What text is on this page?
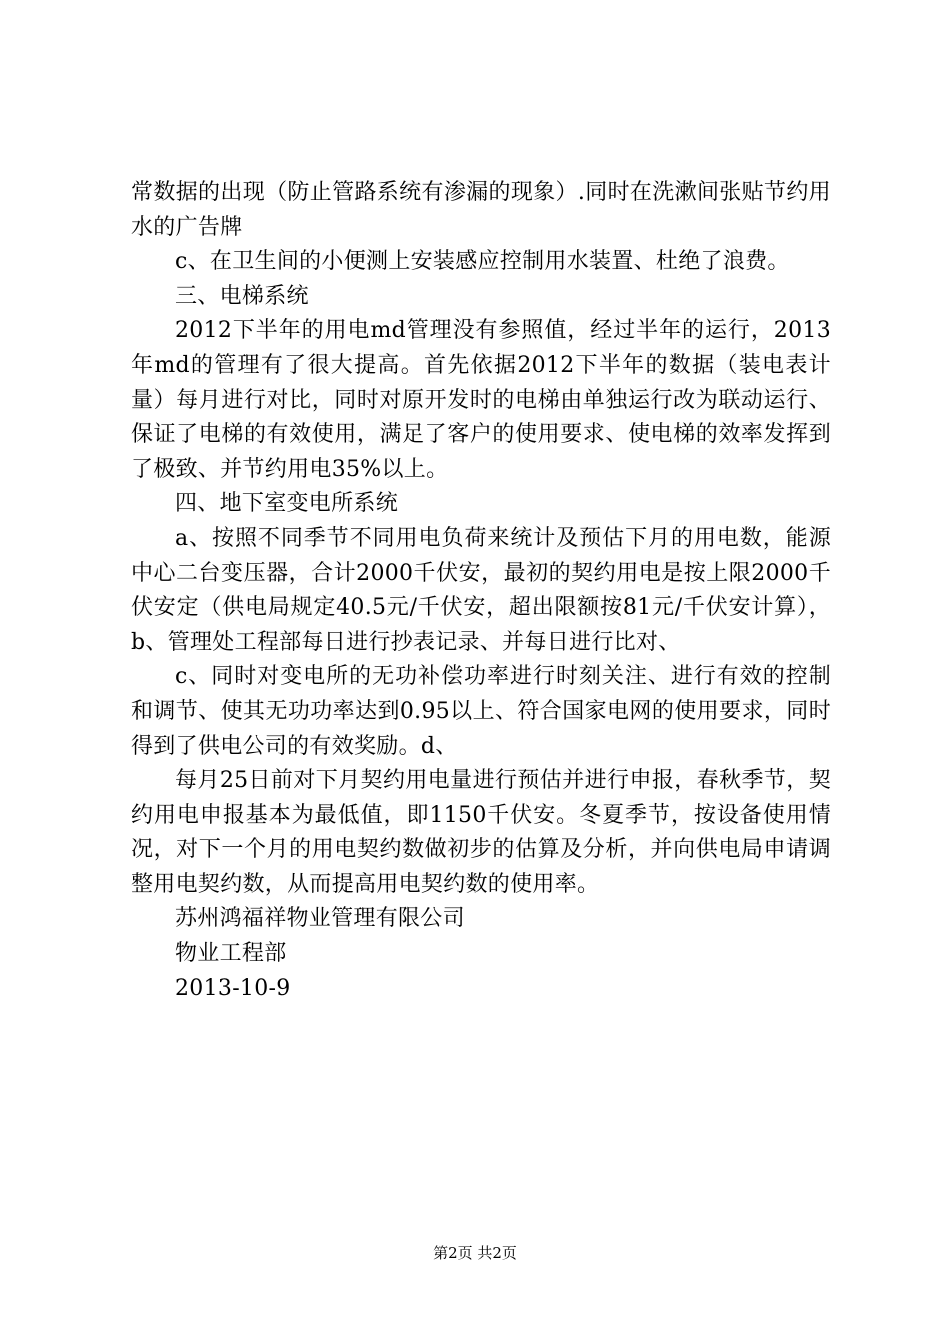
常数据的出现（防止管路系统有渗漏的现象）.同时在洗漱间张贴节约用水的广告牌

c、在卫生间的小便测上安装感应控制用水装置、杜绝了浪费。

三、电梯系统

2012下半年的用电md管理没有参照值，经过半年的运行，2013年md的管理有了很大提高。首先依据2012下半年的数据（装电表计量）每月进行对比，同时对原开发时的电梯由单独运行改为联动运行、保证了电梯的有效使用，满足了客户的使用要求、使电梯的效率发挥到了极致、并节约用电35%以上。

四、地下室变电所系统

a、按照不同季节不同用电负荷来统计及预估下月的用电数，能源中心二台变压器，合计2000千伏安，最初的契约用电是按上限2000千伏安定（供电局规定40.5元/千伏安，超出限额按81元/千伏安计算），b、管理处工程部每日进行抄表记录、并每日进行比对、

c、同时对变电所的无功补偿功率进行时刻关注、进行有效的控制和调节、使其无功功率达到0.95以上、符合国家电网的使用要求，同时得到了供电公司的有效奖励。d、

每月25日前对下月契约用电量进行预估并进行申报，春秋季节，契约用电申报基本为最低值，即1150千伏安。冬夏季节，按设备使用情况，对下一个月的用电契约数做初步的估算及分析，并向供电局申请调整用电契约数，从而提高用电契约数的使用率。

苏州鸿福祥物业管理有限公司

物业工程部

2013-10-9

第2页 共2页
